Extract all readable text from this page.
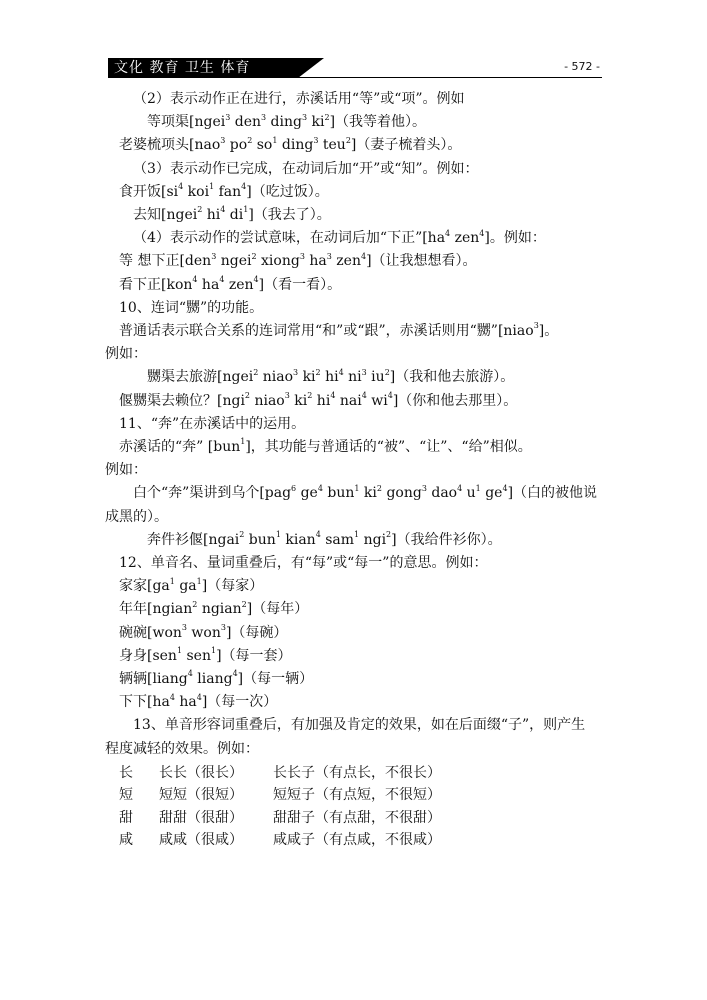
文化 教育 卫生 体育	- 572 -
（2）表示动作正在进行，赤溪话用“等”或“项”。例如
等项渠[ngei$^3$ den$^3$ ding$^3$ $ki^2$]（我等着他）。
老婆梳项头[nao$^3$ $po^2$ $so^1$ ding$^3$ teu$^2$]（妻子梳着头）。
（3）表示动作已完成，在动词后加“开”或“知”。例如：
食开饭[$si^4$ koi$^1$ fan$^4$]（吃过饭）。
去知[ngei$^2$ $hi^4$ $di^1$]（我去了）。
（4）表示动作的尝试意味，在动词后加“下正$”[ha^4$ zen$^4$]。例如：
等 想下正[den$^3$ ngei$^2$ xiong$^3$ $ha^3$ zen$^4$]（让我想想看）。
看下正[kon$^4$ $ha^4$ zen$^4$]（看一看）。
10、连词“嬲”的功能。
普通话表示联合关系的连词常用“和”或“跟”，赤溪话则用“嬲”[niao$^3$]。
例如：
嬲渠去旅游[ngei$^2$ niao$^3$ $ki^2$ $hi^4$ $ni^3$ $iu^2$]（我和他去旅游）。
偃嬲渠去赖位？[ngi$^2$ niao$^3$ $ki^2$ $hi^4$ nai$^4$ $wi^4$]（你和他去那里）。
11、“奔”在赤溪话中的运用。
赤溪话的“奔” [bun$^1$]，其功能与普通话的“被”、“让”、“给”相似。
例如：
白个“奔”渠讲到乌个[pag$^6$ $ge^4$ bun$^1$ $ki^2$ gong$^3$ dao$^4$ $u^1$ $ge^4$]（白的被他说
成黑的）。
奔件衫偃[ngai$^2$ bun$^1$ kian$^4$ sam$^1$ ngi$^2$]（我给件衫你）。
12、单音名、量词重叠后，有“每”或“每一”的意思。例如：
家家[$ga^1$ $ga^1$]（每家）
年年[ngian$^2$ ngian$^2$]（每年）
碗碗[won$^3$ won$^3$]（每碗）
身身[sen$^1$ sen$^1$]（每一套）
辆辆[liang$^4$ liang$^4$]（每一辆）
下下[$ha^4$ $ha^4$]（每一次）
13、单音形容词重叠后，有加强及肯定的效果，如在后面缀“子”，则产生
程度减轻的效果。例如：
长	长长（很长）	长长子（有点长，不很长）
短	短短（很短）	短短子（有点短，不很短）
甜	甜甜（很甜）	甜甜子（有点甜，不很甜）
咸	咸咸（很咸）	咸咸子（有点咸，不很咸）
